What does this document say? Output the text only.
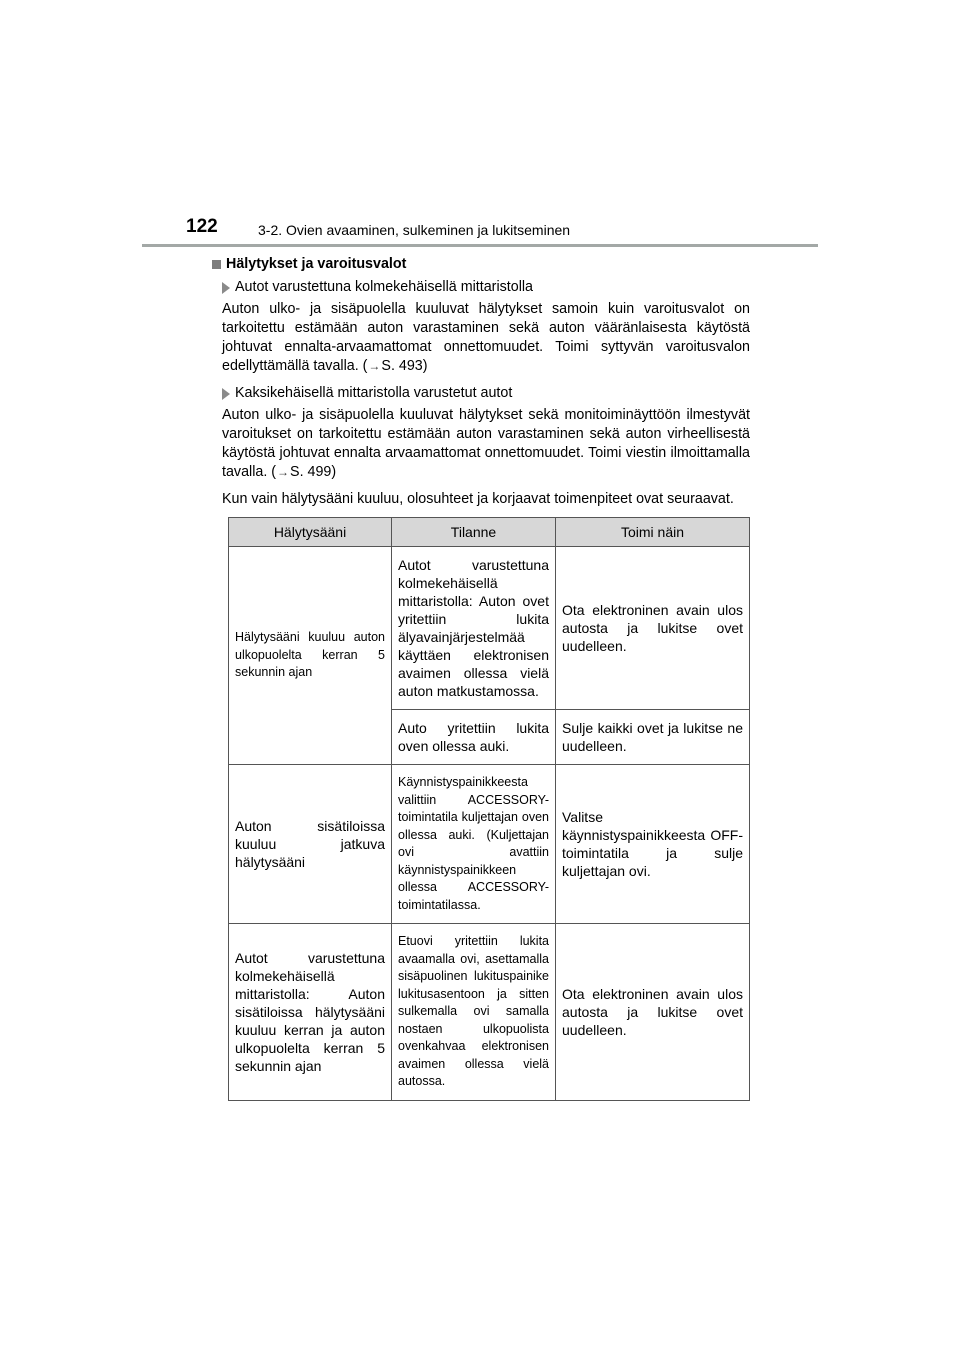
122	3-2. Ovien avaaminen, sulkeminen ja lukitseminen
Hälytykset ja varoitusvalot
Autot varustettuna kolmekehäisellä mittaristolla
Auton ulko- ja sisäpuolella kuuluvat hälytykset samoin kuin varoitusvalot on tarkoitettu estämään auton varastaminen sekä auton vääränlaisesta käytöstä johtuvat ennalta-arvaamattomat onnettomuudet. Toimi syttyvän varoitusvalon edellyttämällä tavalla. (→S. 493)
Kaksikehäisellä mittaristolla varustetut autot
Auton ulko- ja sisäpuolella kuuluvat hälytykset sekä monitoiminäyttöön ilmestyvät varoitukset on tarkoitettu estämään auton varastaminen sekä auton virheellisestä käytöstä johtuvat ennalta arvaamattomat onnettomuudet. Toimi viestin ilmoittamalla tavalla. (→S. 499)
Kun vain hälytysääni kuuluu, olosuhteet ja korjaavat toimenpiteet ovat seuraavat.
Hälytysääni	Tilanne	Toimi näin
Hälytysääni kuuluu auton ulkopuolelta kerran 5 sekunnin ajan	Autot varustettuna kolmekehäisellä mittaristolla: Auton ovet yritettiin lukita älyavainjärjestelmää käyttäen elektronisen avaimen ollessa vielä auton matkustamossa.	Ota elektroninen avain ulos autosta ja lukitse ovet uudelleen.
	Auto yritettiin lukita oven ollessa auki.	Sulje kaikki ovet ja lukitse ne uudelleen.
Auton sisätiloissa kuuluu jatkuva hälytysääni	Käynnistyspainikkeesta valittiin ACCESSORY-toimintatila kuljettajan oven ollessa auki. (Kuljettajan ovi avattiin käynnistyspainikkeen ollessa ACCESSORY-toimintatilassa.	Valitse käynnistyspainikkeesta OFF-toimintatila ja sulje kuljettajan ovi.
Autot varustettuna kolmekehäisellä mittaristolla: Auton sisätiloissa hälytysääni kuuluu kerran ja auton ulkopuolelta kerran 5 sekunnin ajan	Etuovi yritettiin lukita avaamalla ovi, asettamalla sisäpuolinen lukituspainike lukitusasentoon ja sitten sulkemalla ovi samalla nostaen ulkopuolista ovenkahvaa elektronisen avaimen ollessa vielä autossa.	Ota elektroninen avain ulos autosta ja lukitse ovet uudelleen.
